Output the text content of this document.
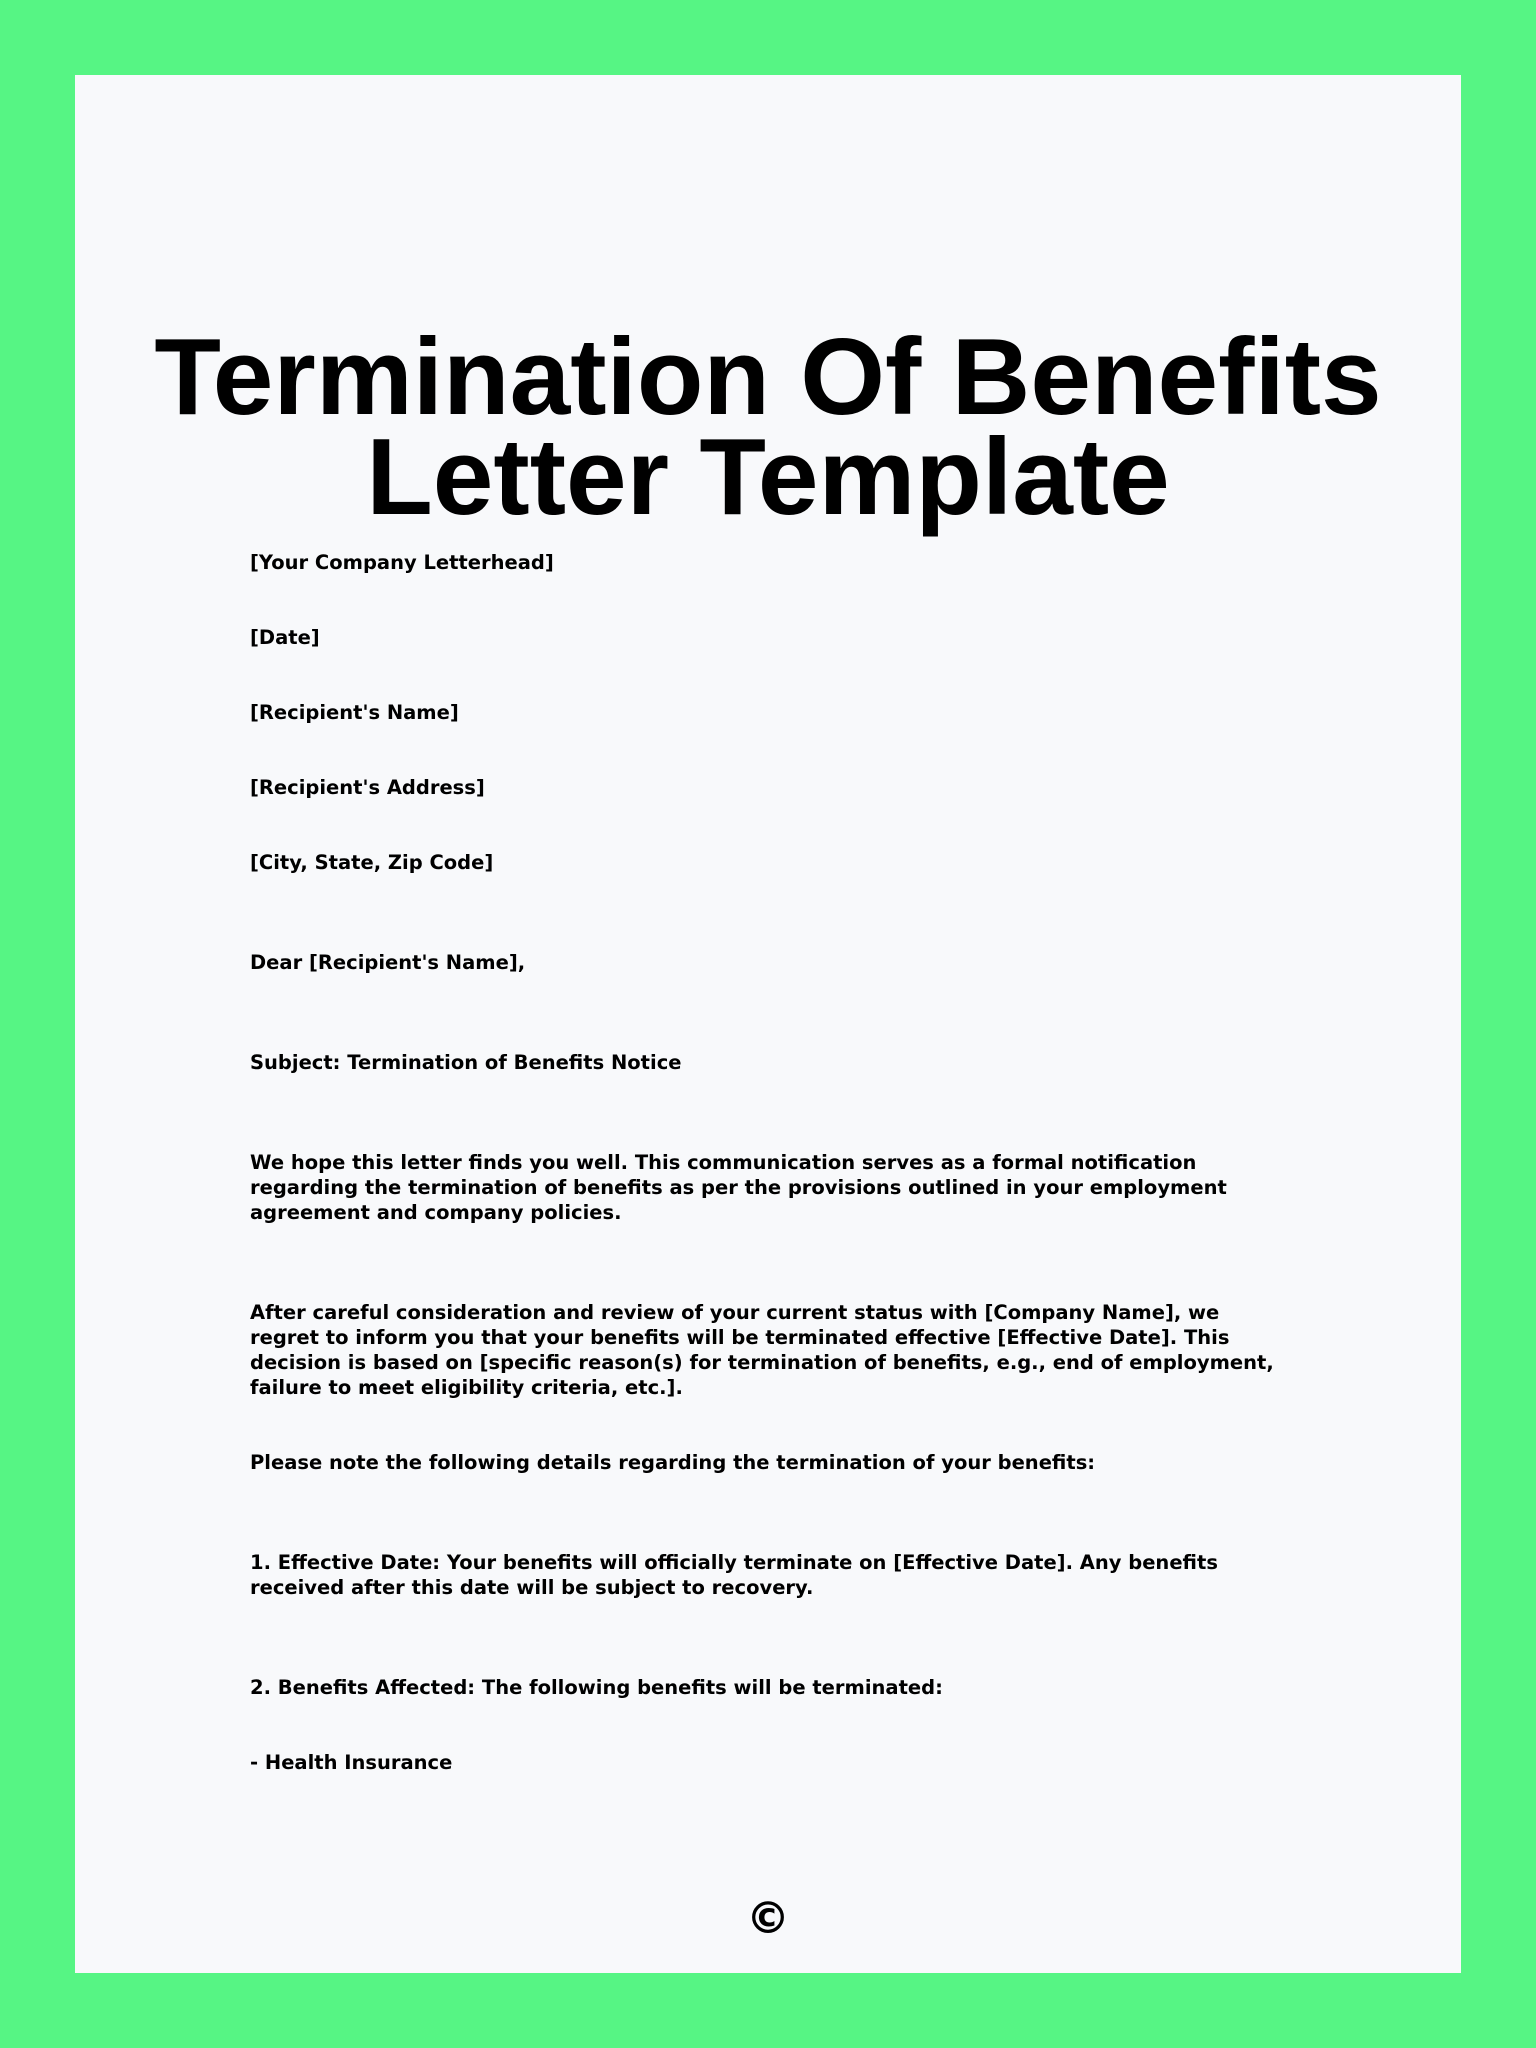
Termination Of Benefits
Letter Template
[Your Company Letterhead]
[Date]
[Recipient's Name]
[Recipient's Address]
[City, State, Zip Code]
Dear [Recipient's Name],
Subject: Termination of Benefits Notice
We hope this letter finds you well. This communication serves as a formal notification regarding the termination of benefits as per the provisions outlined in your employment agreement and company policies.
After careful consideration and review of your current status with [Company Name], we regret to inform you that your benefits will be terminated effective [Effective Date]. This decision is based on [specific reason(s) for termination of benefits, e.g., end of employment, failure to meet eligibility criteria, etc.].
Please note the following details regarding the termination of your benefits:
1. Effective Date: Your benefits will officially terminate on [Effective Date]. Any benefits received after this date will be subject to recovery.
2. Benefits Affected: The following benefits will be terminated:
- Health Insurance
©
